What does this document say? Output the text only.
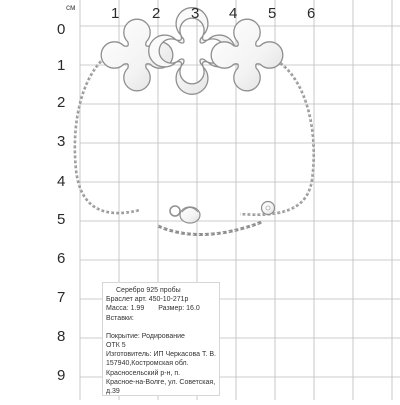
см 1 2 3 4 5 6
0
1
2
3
4
5
6
7
8
9
Серебро 925 пробы
Браслет арт. 450-10-271р
Масса: 1.99 Размер: 16.0
Вставки:
Покрытие: Родирование
ОТК 5
Изготовитель: ИП Черкасова Т. В.
157940,Костромская обл.
Красносельский р-н, п.
Красное-на-Волге, ул. Советская,
д.39
